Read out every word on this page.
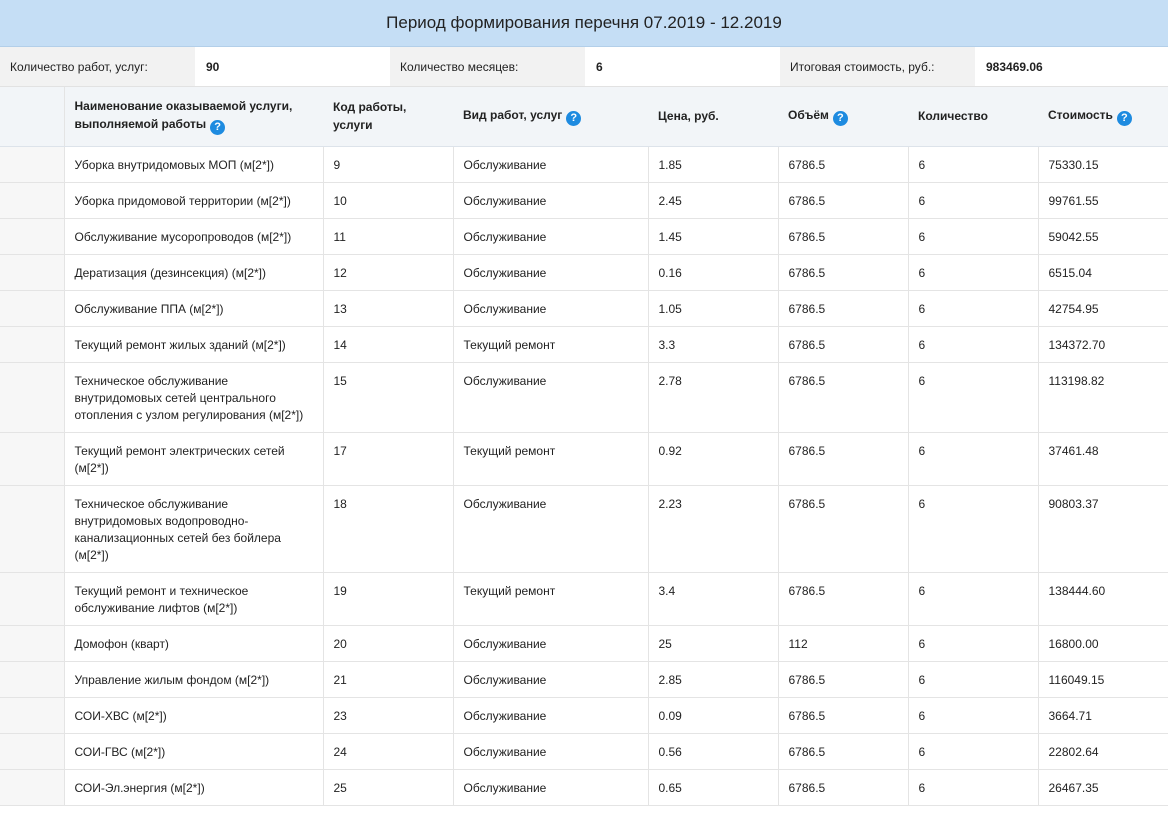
Период формирования перечня 07.2019 - 12.2019
Количество работ, услуг:	90	Количество месяцев:	6	Итоговая стоимость, руб.:	983469.06
	Наименование оказываемой услуги, выполняемой работы ?	Код работы, услуги	Вид работ, услуг ?	Цена, руб.	Объём ?	Количество	Стоимость ?
	Уборка внутридомовых МОП (м[2*])	9	Обслуживание	1.85	6786.5	6	75330.15
	Уборка придомовой территории (м[2*])	10	Обслуживание	2.45	6786.5	6	99761.55
	Обслуживание мусоропроводов (м[2*])	11	Обслуживание	1.45	6786.5	6	59042.55
	Дератизация (дезинсекция) (м[2*])	12	Обслуживание	0.16	6786.5	6	6515.04
	Обслуживание ППА (м[2*])	13	Обслуживание	1.05	6786.5	6	42754.95
	Текущий ремонт жилых зданий (м[2*])	14	Текущий ремонт	3.3	6786.5	6	134372.70
	Техническое обслуживание внутридомовых сетей центрального отопления с узлом регулирования (м[2*])	15	Обслуживание	2.78	6786.5	6	113198.82
	Текущий ремонт электрических сетей (м[2*])	17	Текущий ремонт	0.92	6786.5	6	37461.48
	Техническое обслуживание внутридомовых водопроводно-канализационных сетей без бойлера (м[2*])	18	Обслуживание	2.23	6786.5	6	90803.37
	Текущий ремонт и техническое обслуживание лифтов (м[2*])	19	Текущий ремонт	3.4	6786.5	6	138444.60
	Домофон (кварт)	20	Обслуживание	25	112	6	16800.00
	Управление жилым фондом (м[2*])	21	Обслуживание	2.85	6786.5	6	116049.15
	СОИ-ХВС (м[2*])	23	Обслуживание	0.09	6786.5	6	3664.71
	СОИ-ГВС (м[2*])	24	Обслуживание	0.56	6786.5	6	22802.64
	СОИ-Эл.энергия (м[2*])	25	Обслуживание	0.65	6786.5	6	26467.35
